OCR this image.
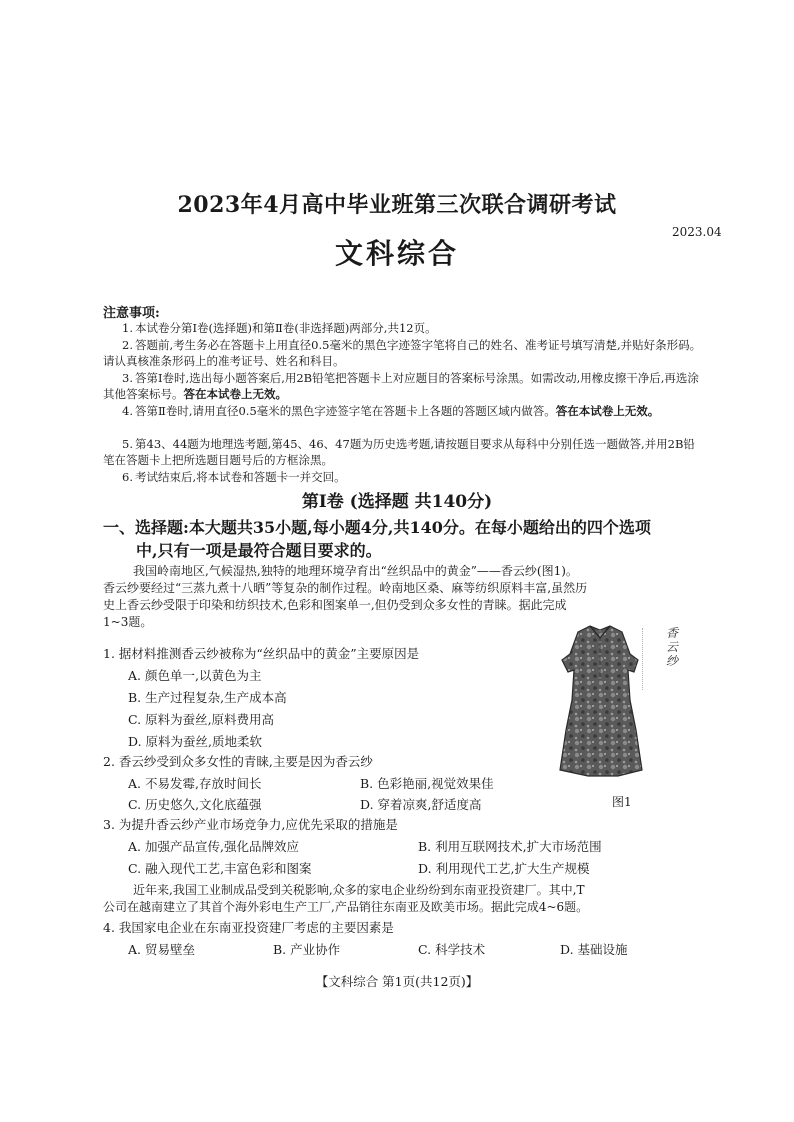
2023年4月高中毕业班第三次联合调研考试
2023.04
文科综合
注意事项:
1. 本试卷分第Ⅰ卷(选择题)和第Ⅱ卷(非选择题)两部分,共12页。
2. 答题前,考生务必在答题卡上用直径0.5毫米的黑色字迹签字笔将自己的姓名、准考证号填写清楚,并贴好条形码。请认真核准条形码上的准考证号、姓名和科目。
3. 答第Ⅰ卷时,选出每小题答案后,用2B铅笔把答题卡上对应题目的答案标号涂黑。如需改动,用橡皮擦干净后,再选涂其他答案标号。答在本试卷上无效。
4. 答第Ⅱ卷时,请用直径0.5毫米的黑色字迹签字笔在答题卡上各题的答题区域内做答。答在本试卷上无效。
5. 第43、44题为地理选考题,第45、46、47题为历史选考题,请按题目要求从每科中分别任选一题做答,并用2B铅笔在答题卡上把所选题目题号后的方框涂黑。
6. 考试结束后,将本试卷和答题卡一并交回。
第Ⅰ卷 (选择题 共140分)
一、选择题:本大题共35小题,每小题4分,共140分。在每小题给出的四个选项
中,只有一项是最符合题目要求的。
我国岭南地区,气候湿热,独特的地理环境孕育出“丝织品中的黄金”——香云纱(图1)。
香云纱要经过“三蒸九煮十八晒”等复杂的制作过程。岭南地区桑、麻等纺织原料丰富,虽然历
史上香云纱受限于印染和纺织技术,色彩和图案单一,但仍受到众多女性的青睐。据此完成
1~3题。
香云纱
图1
1. 据材料推测香云纱被称为“丝织品中的黄金”主要原因是
A. 颜色单一,以黄色为主
B. 生产过程复杂,生产成本高
C. 原料为蚕丝,原料费用高
D. 原料为蚕丝,质地柔软
2. 香云纱受到众多女性的青睐,主要是因为香云纱
A. 不易发霉,存放时间长	B. 色彩艳丽,视觉效果佳
C. 历史悠久,文化底蕴强	D. 穿着凉爽,舒适度高
3. 为提升香云纱产业市场竞争力,应优先采取的措施是
A. 加强产品宣传,强化品牌效应	B. 利用互联网技术,扩大市场范围
C. 融入现代工艺,丰富色彩和图案	D. 利用现代工艺,扩大生产规模
近年来,我国工业制成品受到关税影响,众多的家电企业纷纷到东南亚投资建厂。其中,T
公司在越南建立了其首个海外彩电生产工厂,产品销往东南亚及欧美市场。据此完成4~6题。
4. 我国家电企业在东南亚投资建厂考虑的主要因素是
A. 贸易壁垒	B. 产业协作	C. 科学技术	D. 基础设施
【文科综合 第1页(共12页)】
